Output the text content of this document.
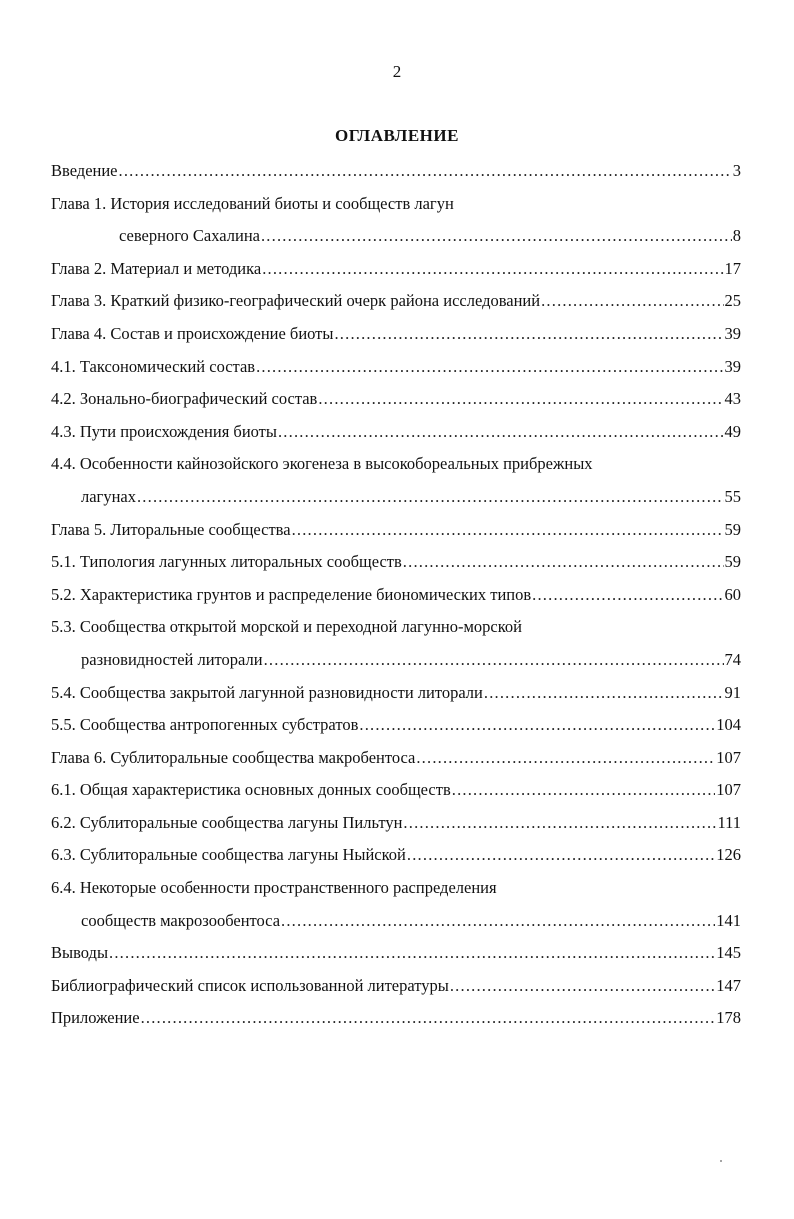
2
ОГЛАВЛЕНИЕ
Введение .....	3
Глава 1. История исследований биоты и сообществ лагун
северного Сахалина .....	8
Глава 2. Материал и методика .....	17
Глава 3. Краткий физико-географический очерк района исследований .....	25
Глава 4. Состав и происхождение биоты .....	39
4.1. Таксономический состав .....	39
4.2. Зонально-биографический состав .....	43
4.3. Пути происхождения биоты .....	49
4.4. Особенности кайнозойского экогенеза в высокобореальных прибрежных
лагунах .....	55
Глава 5. Литоральные сообщества .....	59
5.1. Типология лагунных литоральных сообществ .....	59
5.2. Характеристика грунтов и распределение биономических типов .....	60
5.3. Сообщества открытой морской и переходной лагунно-морской
разновидностей литорали .....	74
5.4. Сообщества закрытой лагунной разновидности литорали .....	91
5.5. Сообщества антропогенных субстратов .....	104
Глава 6. Сублиторальные сообщества макробентоса .....	107
6.1. Общая характеристика основных донных сообществ .....	107
6.2. Сублиторальные сообщества лагуны Пильтун .....	111
6.3. Сублиторальные сообщества лагуны Ныйской .....	126
6.4. Некоторые особенности пространственного распределения
сообществ макрозообентоса .....	141
Выводы .....	145
Библиографический список использованной литературы .....	147
Приложение .....	178
